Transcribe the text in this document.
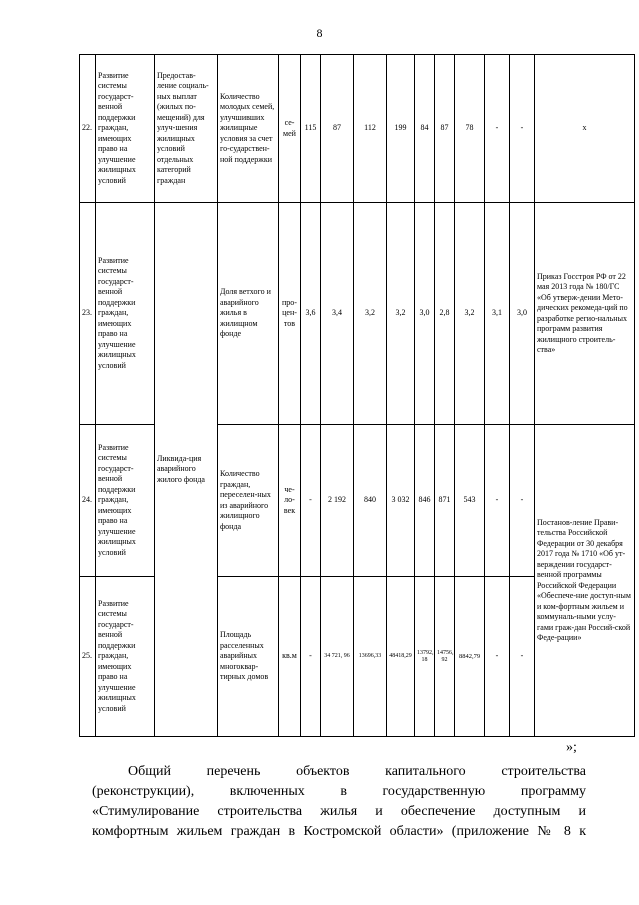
8
22.	Развитие системы государст-венной поддержки граждан, имеющих право на улучшение жилищных условий	Предостав-ление социаль-ных выплат (жилых по-мещений) для улуч-шения жилищных условий отдельных категорий граждан	Количество молодых семей, улучшивших жилищные условия за счет го-сударствен-ной поддержки	се-мей	115	87	112	199	84	87	78	-	-	х
23.	Развитие системы государст-венной поддержки граждан, имеющих право на улучшение жилищных условий	Ликвида-ция аварийного жилого фонда	Доля ветхого и аварийного жилья в жилищном фонде	про-цен-тов	3,6	3,4	3,2	3,2	3,0	2,8	3,2	3,1	3,0	Приказ Госстроя РФ от 22 мая 2013 года № 180/ГС «Об утверж-дении Мето-дических рекомеда-ций по разработке регио-нальных программ развития жилищного строитель-ства»
24.	Развитие системы государст-венной поддержки граждан, имеющих право на улучшение жилищных условий		Количество граждан, переселен-ных из аварийного жилищного фонда	че-ло-век	-	2 192	840	3 032	846	871	543	-	-	Постанов-ление Прави-тельства Российской Федерации от 30 декабря 2017 года № 1710 «Об ут-верждении государст-венной программы Российской Федерации «Обеспече-ние доступ-ным и ком-фортным жильем и коммуналь-ными услу-гами граж-дан Россий-ской Феде-рации»
25.	Развитие системы государст-венной поддержки граждан, имеющих право на улучшение жилищных условий		Площадь расселенных аварийных многоквар-тирных домов	кв.м	-	34 721, 96	13696,33	48418,29	13792, 18	14756, 92	8842,79	-	-	
»;
Общий перечень объектов капитального строительства
(реконструкции), включенных в государственную программу
«Стимулирование строительства жилья и обеспечение доступным и
комфортным жильем граждан в Костромской области» (приложение № 8 к
